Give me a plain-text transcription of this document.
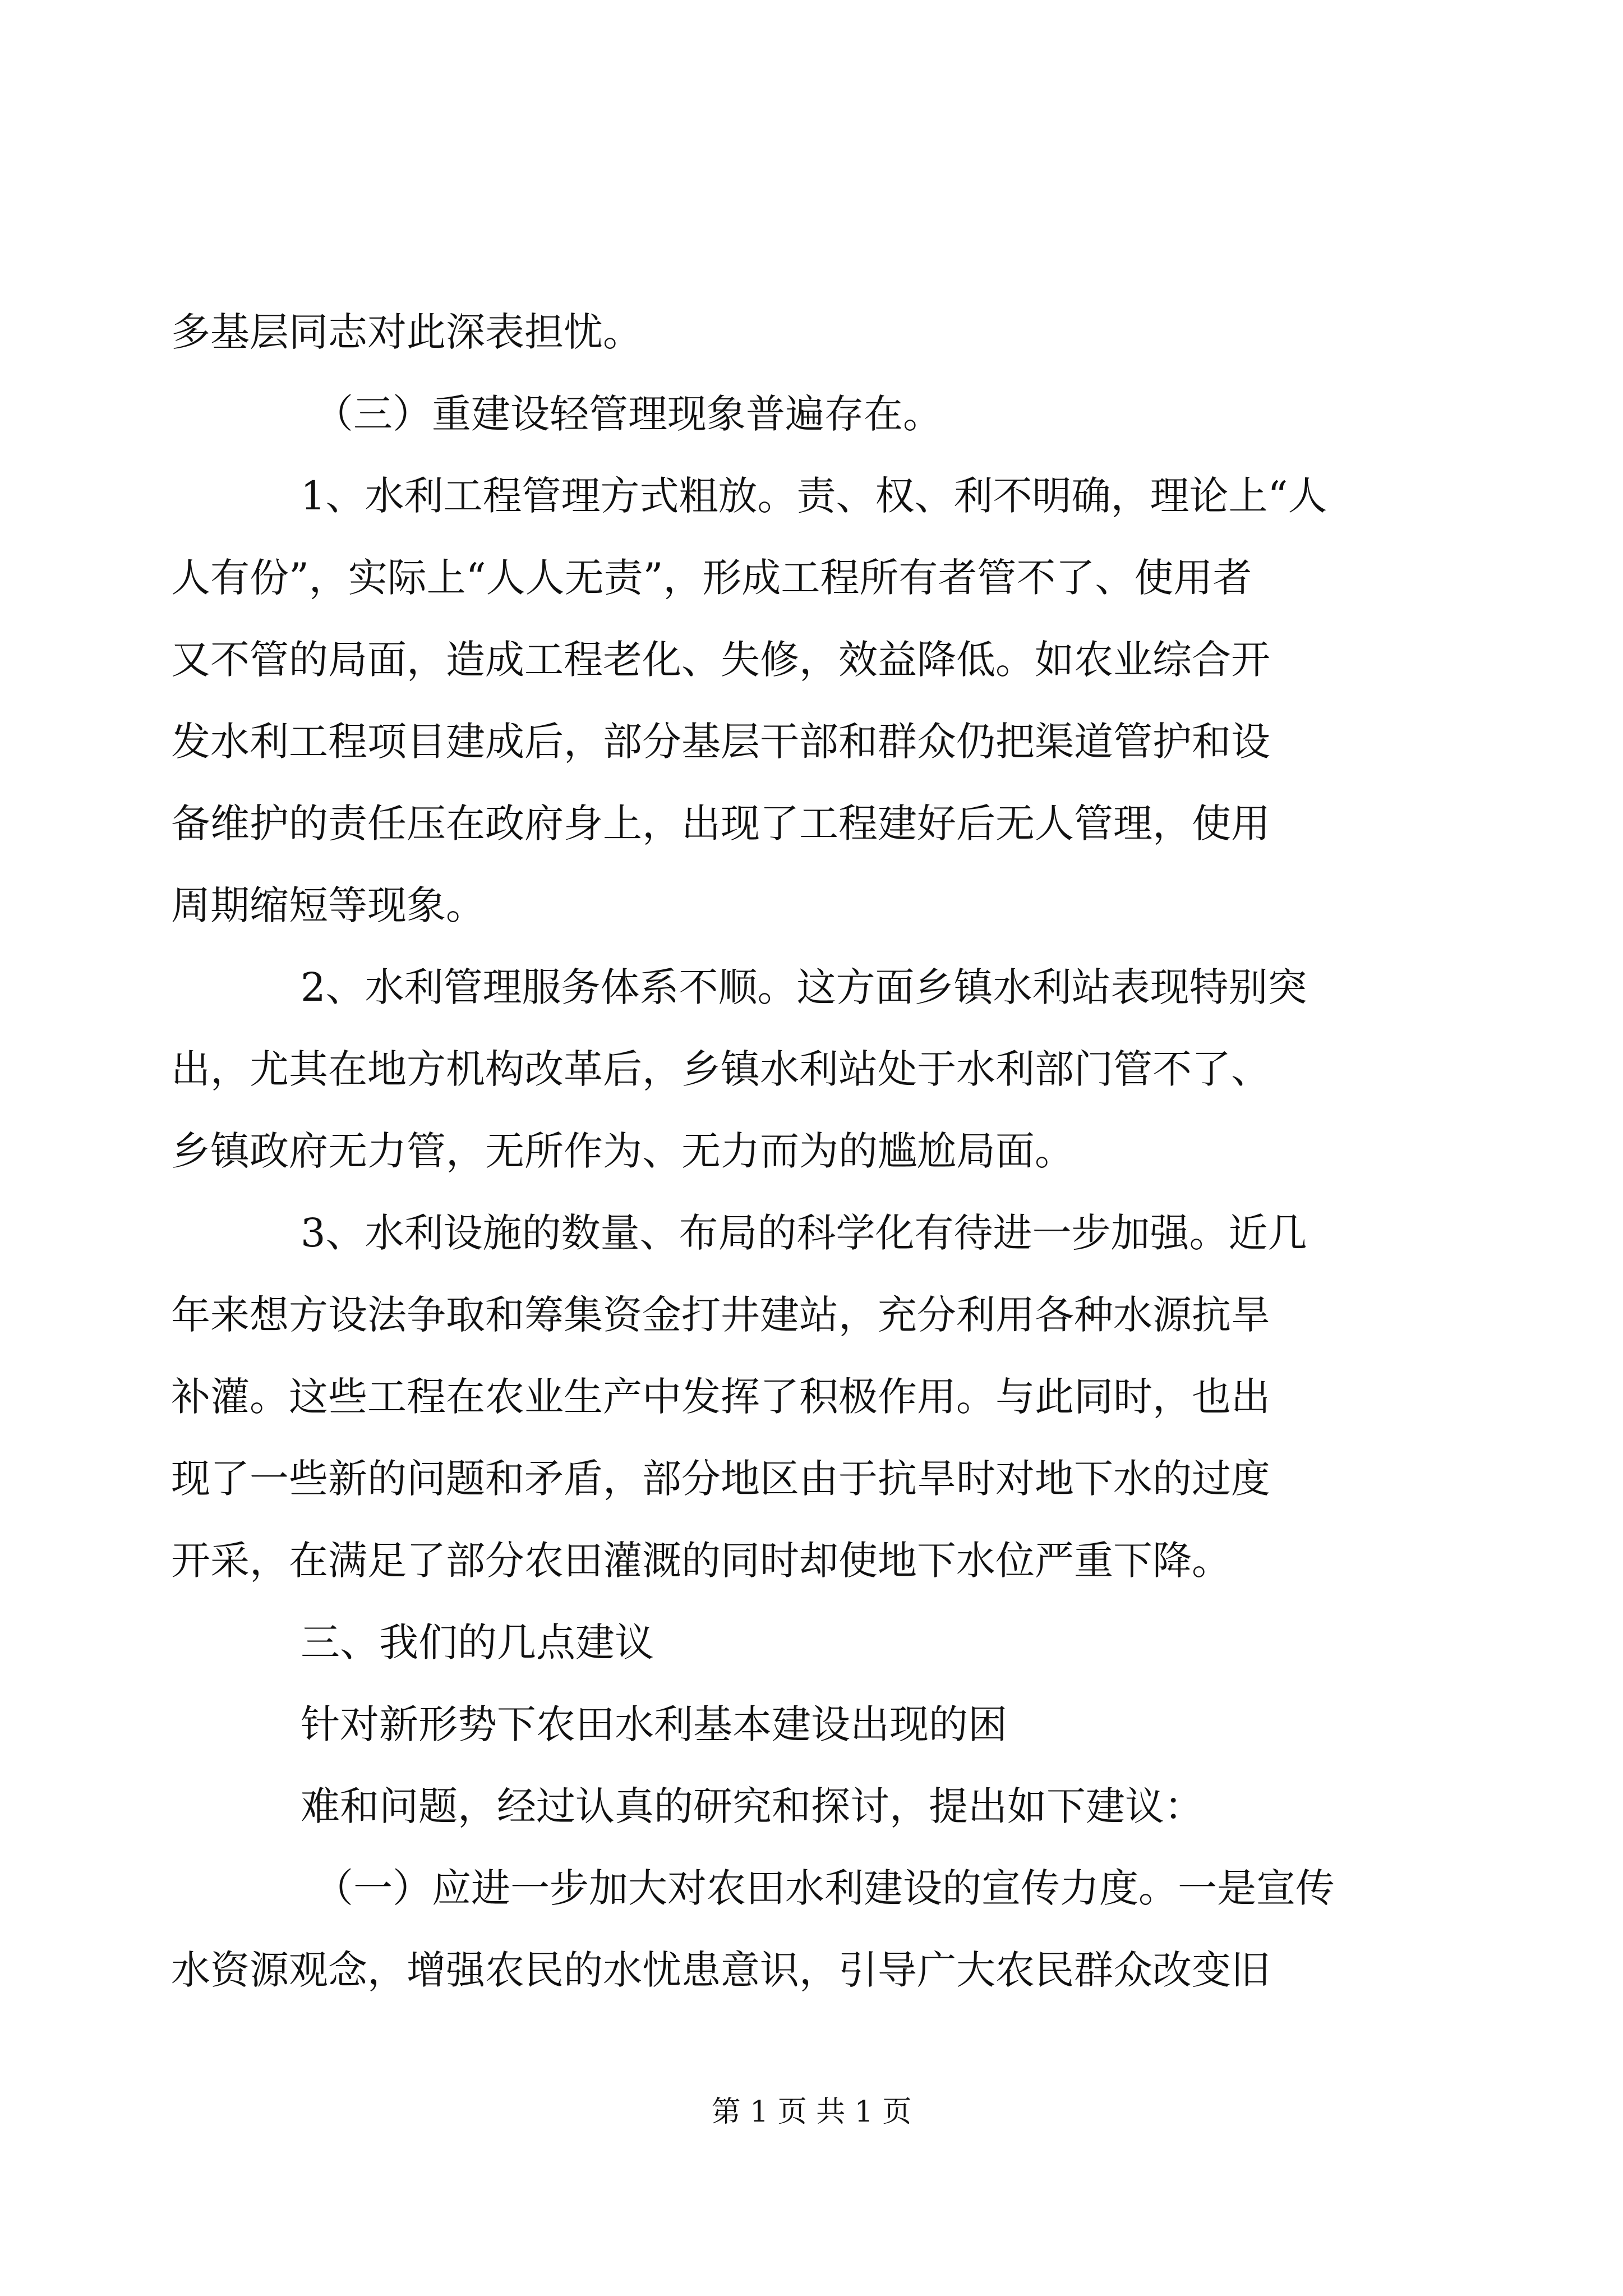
多基层同志对此深表担忧。
（三）重建设轻管理现象普遍存在。
1、水利工程管理方式粗放。责、权、利不明确，理论上“人
人有份”，实际上“人人无责”，形成工程所有者管不了、使用者
又不管的局面，造成工程老化、失修，效益降低。如农业综合开
发水利工程项目建成后，部分基层干部和群众仍把渠道管护和设
备维护的责任压在政府身上，出现了工程建好后无人管理，使用
周期缩短等现象。
2、水利管理服务体系不顺。这方面乡镇水利站表现特别突
出，尤其在地方机构改革后，乡镇水利站处于水利部门管不了、
乡镇政府无力管，无所作为、无力而为的尴尬局面。
3、水利设施的数量、布局的科学化有待进一步加强。近几
年来想方设法争取和筹集资金打井建站，充分利用各种水源抗旱
补灌。这些工程在农业生产中发挥了积极作用。与此同时，也出
现了一些新的问题和矛盾，部分地区由于抗旱时对地下水的过度
开采，在满足了部分农田灌溉的同时却使地下水位严重下降。
三、我们的几点建议
针对新形势下农田水利基本建设出现的困
难和问题，经过认真的研究和探讨，提出如下建议：
（一）应进一步加大对农田水利建设的宣传力度。一是宣传
水资源观念，增强农民的水忧患意识，引导广大农民群众改变旧
第 1 页 共 1 页
